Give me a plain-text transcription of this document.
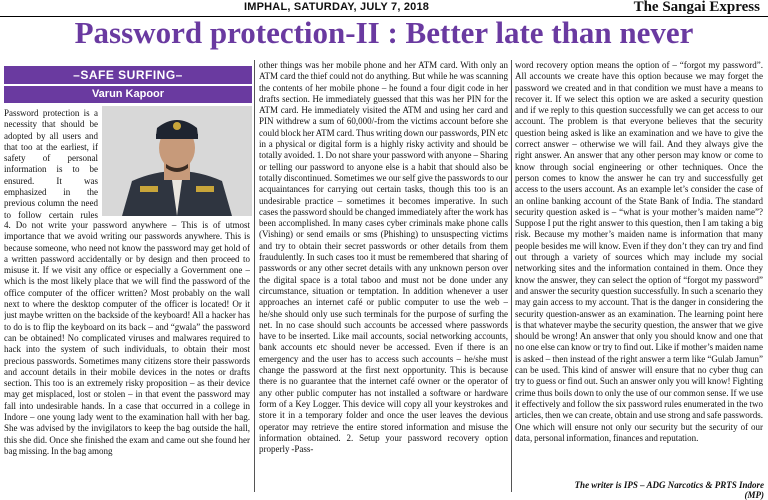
IMPHAL, SATURDAY, JULY 7, 2018	The Sangai Express
Password protection-II : Better late than never
–SAFE SURFING–
Varun Kapoor

Password protection is a necessity that should be adopted by all users and that too at the earliest, if safety of personal information is to be ensured. It was emphasized in the previous column the need to follow certain rules

4. Do not write your password anywhere – This is of utmost importance that we avoid writing our passwords anywhere. This is because someone, who need not know the password may get hold of a written password accidentally or by design and then proceed to misuse it. If we visit any office or especially a Government one – which is the most likely place that we will find the password of the office computer of the officer written? Most probably on the wall next to where the desktop computer of the officer is located! Or it just maybe written on the backside of the keyboard! All a hacker has to do is to flip the keyboard on its back – and “gwala” the password can be obtained! No complicated viruses and malwares required to hack into the system of such individuals, to obtain their most precious passwords. Sometimes many citizens store their passwords and account details in their mobile devices in the notes or drafts section. This too is an extremely risky proposition – as their device may get misplaced, lost or stolen – in that event the password may fall into undesirable hands. In a case that occurred in a college in Indore – one young lady went to the examination hall with her bag. She was advised by the invigilators to keep the bag outside the hall, this she did. Once she finished the exam and came out she found her bag missing. In the bag among

other things was her mobile phone and her ATM card. With only an ATM card the thief could not do anything. But while he was scanning the contents of her mobile phone – he found a four digit code in her drafts section. He immediately guessed that this was her PIN for the ATM card. He immediately visited the ATM and using her card and PIN withdrew a sum of 60,000/-from the victims account before she could block her ATM card. Thus writing down our passwords, PIN etc in a physical or digital form is a highly risky activity and should be totally avoided. 1. Do not share your password with anyone – Sharing or telling our password to anyone else is a habit that should also be totally discontinued. Sometimes we our self give the passwords to our acquaintances for carrying out certain tasks, though this too is an undesirable practice – sometimes it becomes imperative. In such cases the password should be changed immediately after the work has been accomplished. In many cases cyber criminals make phone calls (Vishing) or send emails or sms (Phishing) to unsuspecting victims and try to obtain their secret passwords or other details from them fraudulently. In such cases too it must be remembered that sharing of passwords or any other secret details with any unknown person over the digital space is a total taboo and must not be done under any circumstance, situation or temptation. In addition whenever a user approaches an internet café or public computer to use the web – he/she should only use such terminals for the purpose of surfing the net. In no case should such accounts be accessed where passwords have to be inserted. Like mail accounts, social networking accounts, bank accounts etc should never be accessed. Even if there is an emergency and the user has to access such accounts – he/she must change the password at the first next opportunity. This is because there is no guarantee that the internet café owner or the operator of any other public computer has not installed a software or hardware form of a Key Logger. This device will copy all your keystrokes and store it in a temporary folder and once the user leaves the devious operator may retrieve the entire stored information and misuse the information obtained. 2. Setup your password recovery option properly -Pass-

word recovery option means the option of – “forgot my password”. All accounts we create have this option because we may forget the password we created and in that condition we must have a means to recover it. If we select this option we are asked a security question and if we reply to this question successfully we can get access to our account. The problem is that everyone believes that the security question being asked is like an examination and we have to give the correct answer – otherwise we will fail. And they always give the right answer. An answer that any other person may know or come to know through social engineering or other techniques. Once the person comes to know the answer he can try and successfully get access to the users account. As an example let’s consider the case of an online banking account of the State Bank of India. The standard security question asked is – “what is your mother’s maiden name”? Suppose I put the right answer to this question, then I am taking a big risk. Because my mother’s maiden name is information that many people besides me will know. Even if they don’t they can try and find out through a variety of sources which may include my social networking sites and the information contained in them. Once they know the answer, they can select the option of “forgot my password” and answer the security question successfully. In such a scenario they may gain access to my account. That is the danger in considering the security question-answer as an examination. The learning point here is that whatever maybe the security question, the answer that we give should be wrong! An answer that only you should know and one that no one else can know or try to find out. Like if mother’s maiden name is asked – then instead of the right answer a term like “Gulab Jamun” can be used. This kind of answer will ensure that no cyber thug can try to guess or find out. Such an answer only you will know! Fighting crime thus boils down to only the use of our common sense. If we use it effectively and follow the six password rules enumerated in the two articles, then we can create, obtain and use strong and safe passwords. One which will ensure not only our security but the security of our data, personal information, finances and reputation.

The writer is IPS – ADG Narcotics & PRTS Indore (MP)
